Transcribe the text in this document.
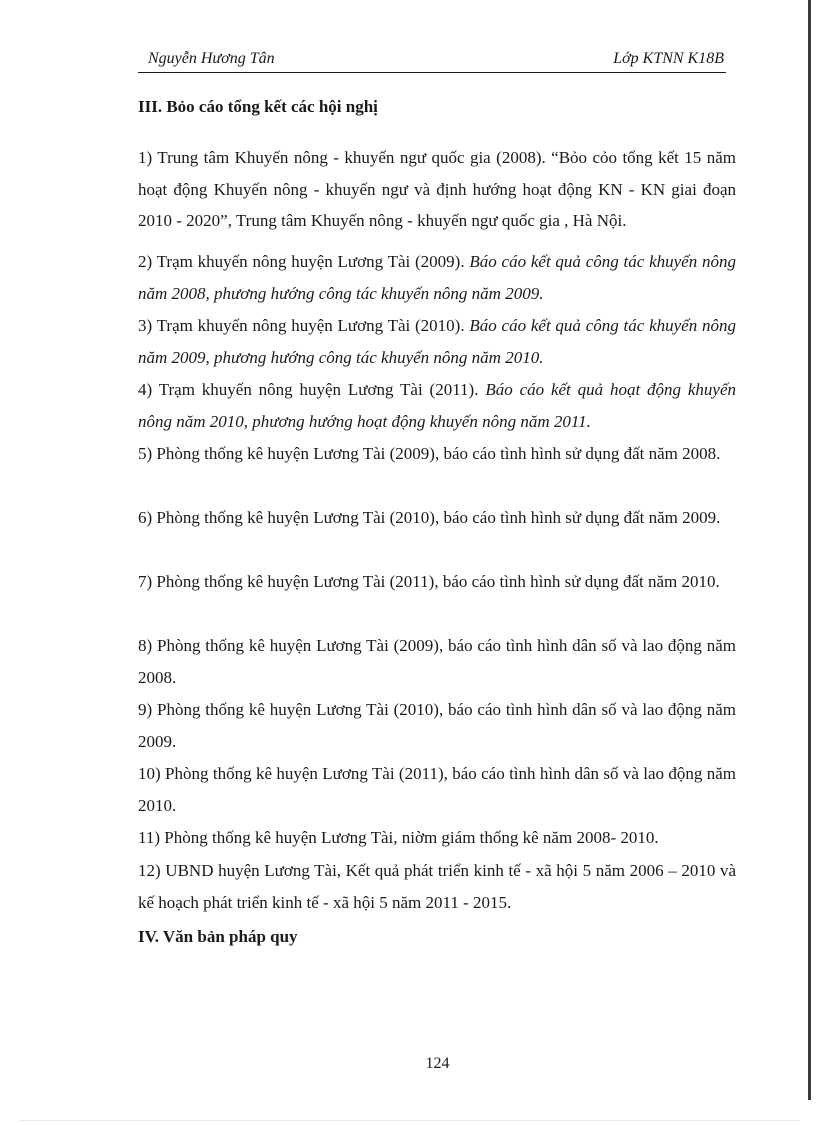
Nguyễn Hương Tân	Lớp KTNN K18B
III. Bỏo cáo tổng kết các hội nghị
1) Trung tâm Khuyến nông - khuyến ngư quốc gia (2008). “Bỏo cỏo tổng kết 15 năm hoạt động Khuyến nông - khuyến ngư và định hướng hoạt động KN - KN giai đoạn 2010 - 2020”, Trung tâm Khuyến nông - khuyến ngư quốc gia , Hà Nội.
2) Trạm khuyến nông huyện Lương Tài (2009). Báo cáo kết quả công tác khuyến nông năm 2008, phương hướng công tác khuyến nông năm 2009.
3) Trạm khuyến nông huyện Lương Tài (2010). Báo cáo kết quả công tác khuyến nông năm 2009, phương hướng công tác khuyến nông năm 2010.
4) Trạm khuyến nông huyện Lương Tài (2011). Báo cáo kết quả hoạt động khuyến nông năm 2010, phương hướng hoạt động khuyến nông năm 2011.
5) Phòng thống kê huyện Lương Tài (2009), báo cáo tình hình sử dụng đất năm 2008.
6) Phòng thống kê huyện Lương Tài (2010), báo cáo tình hình sử dụng đất năm 2009.
7) Phòng thống kê huyện Lương Tài (2011), báo cáo tình hình sử dụng đất năm 2010.
8) Phòng thống kê huyện Lương Tài (2009), báo cáo tình hình dân số và lao động năm 2008.
9) Phòng thống kê huyện Lương Tài (2010), báo cáo tình hình dân số và lao động năm 2009.
10) Phòng thống kê huyện Lương Tài (2011), báo cáo tình hình dân số và lao động năm 2010.
11) Phòng thống kê huyện Lương Tài, niờm giám thống kê năm 2008- 2010.
12) UBND huyện Lương Tài, Kết quả phát triển kinh tế - xã hội 5 năm 2006 – 2010 và kế hoạch phát triển kinh tế - xã hội 5 năm 2011 - 2015.
IV. Văn bản pháp quy
124
